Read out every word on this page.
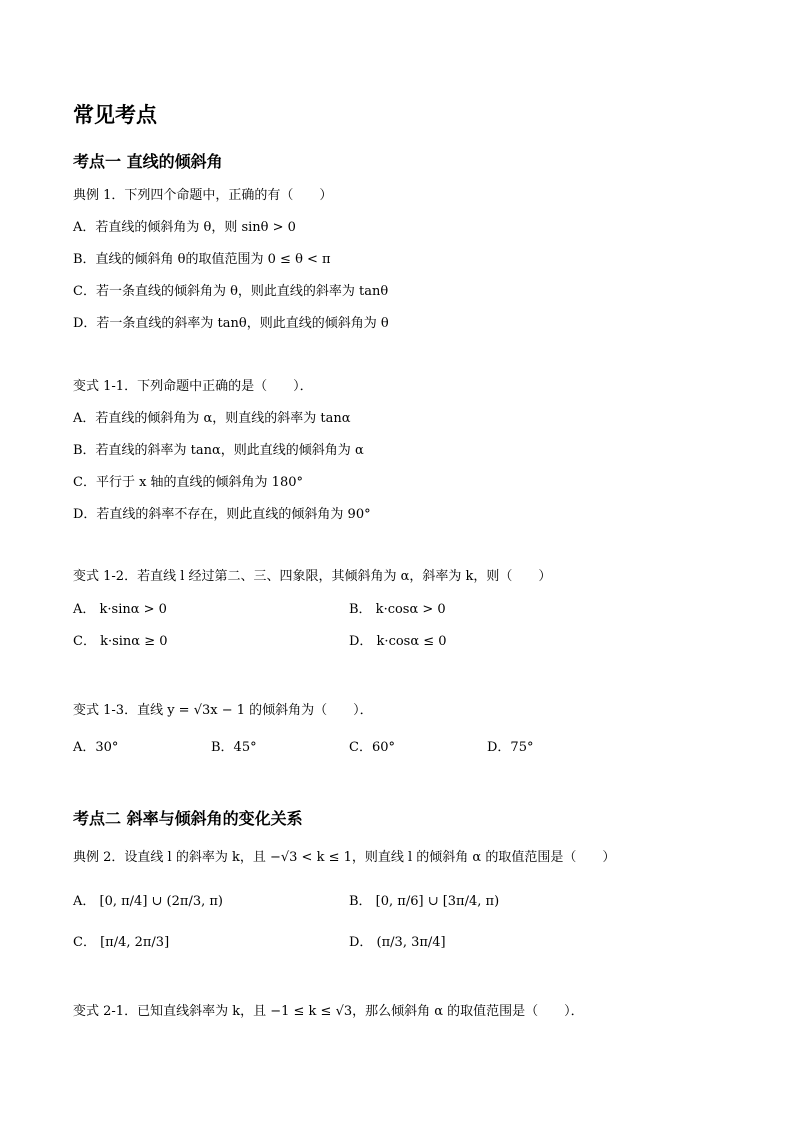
常见考点
考点一 直线的倾斜角
典例 1．下列四个命题中，正确的有（　　）
A．若直线的倾斜角为 θ，则 sinθ > 0
B．直线的倾斜角 θ的取值范围为 0 ≤ θ < π
C．若一条直线的倾斜角为 θ，则此直线的斜率为 tanθ
D．若一条直线的斜率为 tanθ，则此直线的倾斜角为 θ
变式 1-1．下列命题中正确的是（　　）．
A．若直线的倾斜角为 α，则直线的斜率为 tanα
B．若直线的斜率为 tanα，则此直线的倾斜角为 α
C．平行于 x 轴的直线的倾斜角为 180°
D．若直线的斜率不存在，则此直线的倾斜角为 90°
变式 1-2．若直线 l 经过第二、三、四象限，其倾斜角为 α，斜率为 k，则（　　）
A． k·sinα > 0	B． k·cosα > 0
C． k·sinα ≥ 0	D． k·cosα ≤ 0
变式 1-3．直线 y = √3x − 1 的倾斜角为（　　）．
A．30°	B．45°	C．60°	D．75°
考点二 斜率与倾斜角的变化关系
典例 2．设直线 l 的斜率为 k，且 −√3 < k ≤ 1，则直线 l 的倾斜角 α 的取值范围是（　　）
A． [0, π/4] ∪ (2π/3, π)	B． [0, π/6] ∪ [3π/4, π)
C． [π/4, 2π/3]	D． (π/3, 3π/4]
变式 2-1．已知直线斜率为 k，且 −1 ≤ k ≤ √3，那么倾斜角 α 的取值范围是（　　）．
